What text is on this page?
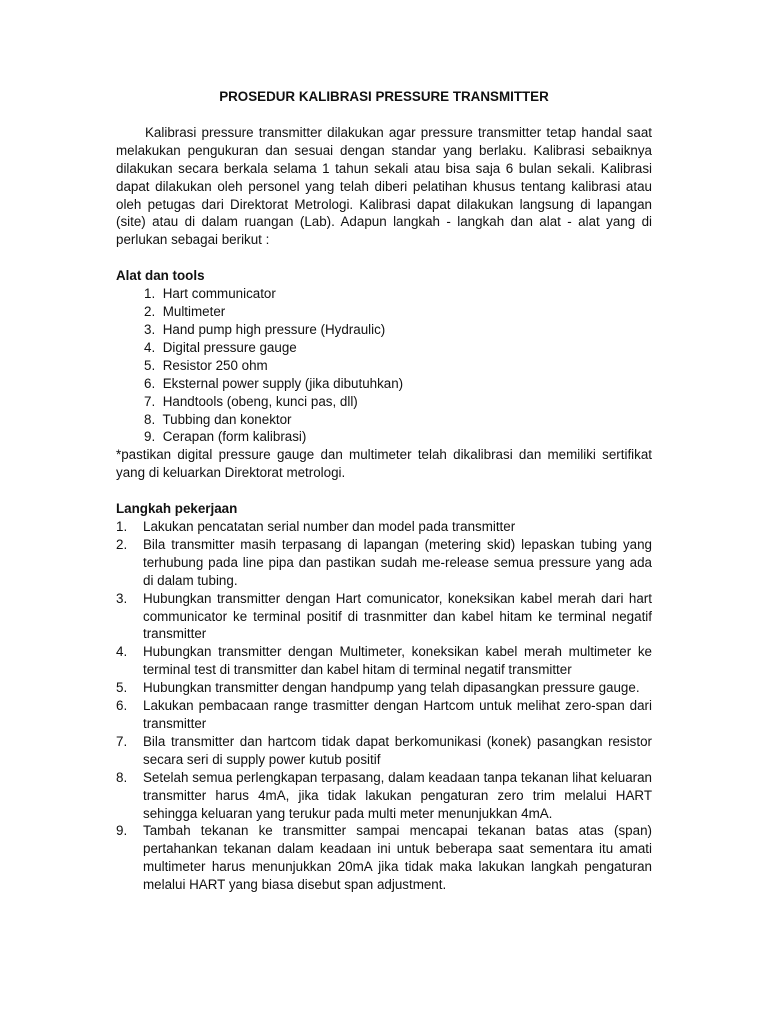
PROSEDUR KALIBRASI PRESSURE TRANSMITTER

Kalibrasi pressure transmitter dilakukan agar pressure transmitter tetap handal saat melakukan pengukuran dan sesuai dengan standar yang berlaku. Kalibrasi sebaiknya dilakukan secara berkala selama 1 tahun sekali atau bisa saja 6 bulan sekali. Kalibrasi dapat dilakukan oleh personel yang telah diberi pelatihan khusus tentang kalibrasi atau oleh petugas dari Direktorat Metrologi. Kalibrasi dapat dilakukan langsung di lapangan (site) atau di dalam ruangan (Lab). Adapun langkah - langkah dan alat - alat yang di perlukan sebagai berikut :

Alat dan tools
1. Hart communicator
2. Multimeter
3. Hand pump high pressure (Hydraulic)
4. Digital pressure gauge
5. Resistor 250 ohm
6. Eksternal power supply (jika dibutuhkan)
7. Handtools (obeng, kunci pas, dll)
8. Tubbing dan konektor
9. Cerapan (form kalibrasi)

*pastikan digital pressure gauge dan multimeter telah dikalibrasi dan memiliki sertifikat yang di keluarkan Direktorat metrologi.

Langkah pekerjaan
1.	Lakukan pencatatan serial number dan model pada transmitter
2.	Bila transmitter masih terpasang di lapangan (metering skid) lepaskan tubing yang terhubung pada line pipa dan pastikan sudah me-release semua pressure yang ada di dalam tubing.
3.	Hubungkan transmitter dengan Hart comunicator, koneksikan kabel merah dari hart communicator ke terminal positif di trasnmitter dan kabel hitam ke terminal negatif transmitter
4.	Hubungkan transmitter dengan Multimeter, koneksikan kabel merah multimeter ke terminal test di transmitter dan kabel hitam di terminal negatif transmitter
5.	Hubungkan transmitter dengan handpump yang telah dipasangkan pressure gauge.
6.	Lakukan pembacaan range trasmitter dengan Hartcom untuk melihat zero-span dari transmitter
7.	Bila transmitter dan hartcom tidak dapat berkomunikasi (konek) pasangkan resistor secara seri di supply power kutub positif
8.	Setelah semua perlengkapan terpasang, dalam keadaan tanpa tekanan lihat keluaran transmitter harus 4mA, jika tidak lakukan pengaturan zero trim melalui HART sehingga keluaran yang terukur pada multi meter menunjukkan 4mA.
9.	Tambah tekanan ke transmitter sampai mencapai tekanan batas atas (span) pertahankan tekanan dalam keadaan ini untuk beberapa saat sementara itu amati multimeter harus menunjukkan 20mA jika tidak maka lakukan langkah pengaturan melalui HART yang biasa disebut span adjustment.
